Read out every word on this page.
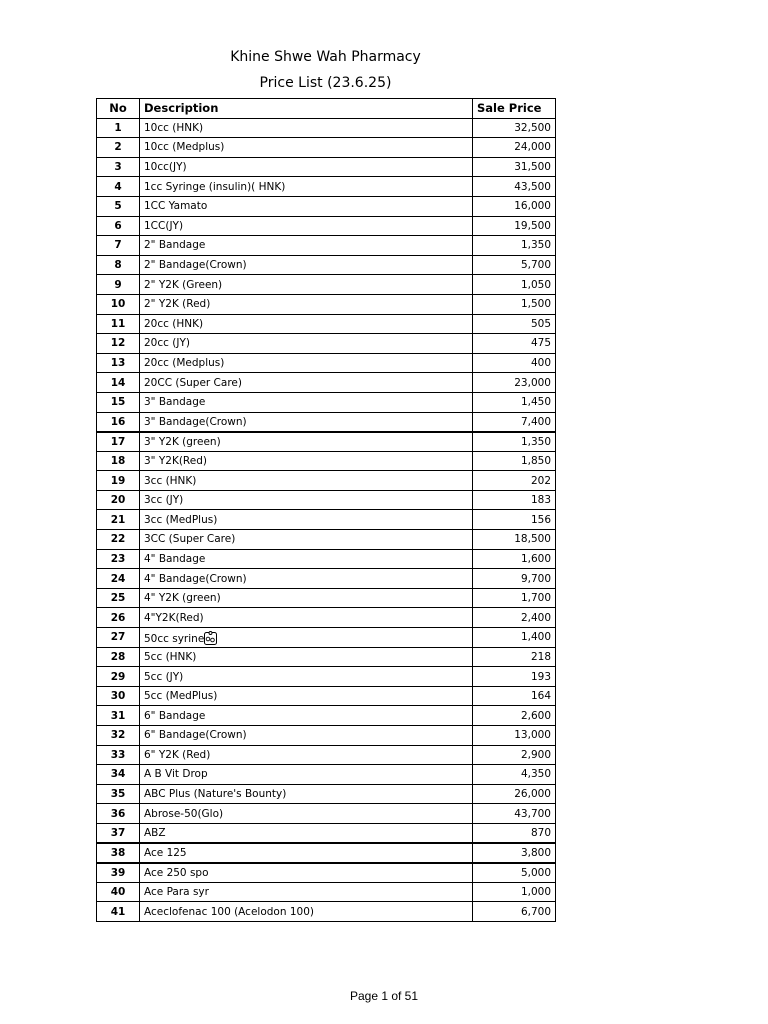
Khine Shwe Wah Pharmacy
Price List (23.6.25)
No	Description	Sale Price
1	10cc (HNK)	32,500
2	10cc (Medplus)	24,000
3	10cc(JY)	31,500
4	1cc Syringe (insulin)( HNK)	43,500
5	1CC Yamato	16,000
6	1CC(JY)	19,500
7	2" Bandage	1,350
8	2" Bandage(Crown)	5,700
9	2" Y2K (Green)	1,050
10	2" Y2K (Red)	1,500
11	20cc (HNK)	505
12	20cc (JY)	475
13	20cc (Medplus)	400
14	20CC (Super Care)	23,000
15	3" Bandage	1,450
16	3" Bandage(Crown)	7,400
17	3" Y2K (green)	1,350
18	3" Y2K(Red)	1,850
19	3cc (HNK)	202
20	3cc (JY)	183
21	3cc (MedPlus)	156
22	3CC (Super Care)	18,500
23	4" Bandage	1,600
24	4" Bandage(Crown)	9,700
25	4" Y2K (green)	1,700
26	4"Y2K(Red)	2,400
27	50cc syrine	1,400
28	5cc (HNK)	218
29	5cc (JY)	193
30	5cc (MedPlus)	164
31	6" Bandage	2,600
32	6" Bandage(Crown)	13,000
33	6" Y2K (Red)	2,900
34	A B Vit Drop	4,350
35	ABC Plus (Nature's Bounty)	26,000
36	Abrose-50(Glo)	43,700
37	ABZ	870
38	Ace 125	3,800
39	Ace 250 spo	5,000
40	Ace Para syr	1,000
41	Aceclofenac 100 (Acelodon 100)	6,700
Page 1 of 51
